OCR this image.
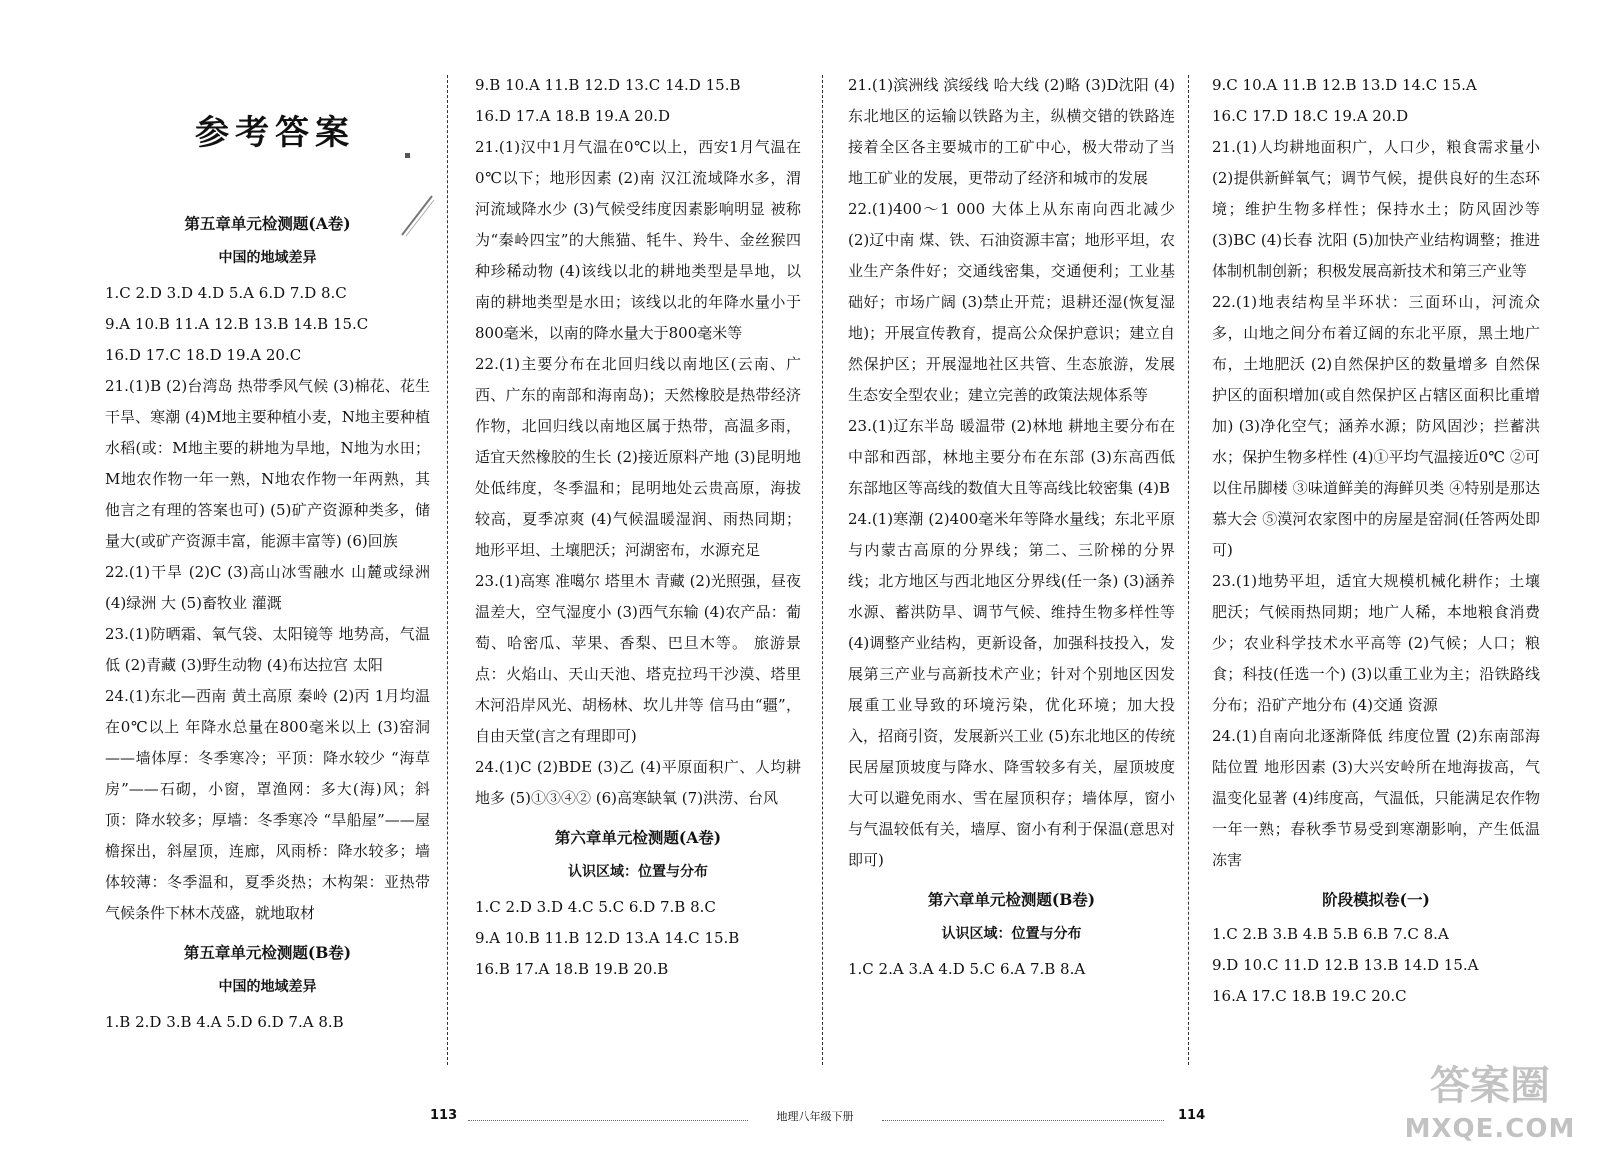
参考答案
第五章单元检测题(A卷)
中国的地域差异
1.C 2.D 3.D 4.D 5.A 6.D 7.D 8.C
9.A 10.B 11.A 12.B 13.B 14.B 15.C
16.D 17.C 18.D 19.A 20.C

21.(1)B (2)台湾岛 热带季风气候 (3)棉花、花生 干旱、寒潮 (4)M地主要种植小麦，N地主要种植水稻(或：M地主要的耕地为旱地，N地为水田；M地农作物一年一熟，N地农作物一年两熟，其他言之有理的答案也可) (5)矿产资源种类多，储量大(或矿产资源丰富，能源丰富等) (6)回族

22.(1)干旱 (2)C (3)高山冰雪融水 山麓或绿洲 (4)绿洲 大 (5)畜牧业 灌溉

23.(1)防晒霜、氧气袋、太阳镜等 地势高，气温低 (2)青藏 (3)野生动物 (4)布达拉宫 太阳

24.(1)东北—西南 黄土高原 秦岭 (2)丙 1月均温在0℃以上 年降水总量在800毫米以上 (3)窑洞——墙体厚：冬季寒冷；平顶：降水较少 “海草房”——石砌，小窗，罩渔网：多大(海)风；斜顶：降水较多；厚墙：冬季寒冷 “旱船屋”——屋檐探出，斜屋顶，连廊，风雨桥：降水较多；墙体较薄：冬季温和，夏季炎热；木构架：亚热带气候条件下林木茂盛，就地取材

第五章单元检测题(B卷)
中国的地域差异
1.B 2.D 3.B 4.A 5.D 6.D 7.A 8.B
9.B 10.A 11.B 12.D 13.C 14.D 15.B
16.D 17.A 18.B 19.A 20.D

21.(1)汉中1月气温在0℃以上，西安1月气温在0℃以下；地形因素 (2)南 汉江流域降水多，渭河流域降水少 (3)气候受纬度因素影响明显 被称为“秦岭四宝”的大熊猫、牦牛、羚牛、金丝猴四种珍稀动物 (4)该线以北的耕地类型是旱地，以南的耕地类型是水田；该线以北的年降水量小于800毫米，以南的降水量大于800毫米等

22.(1)主要分布在北回归线以南地区(云南、广西、广东的南部和海南岛)；天然橡胶是热带经济作物，北回归线以南地区属于热带，高温多雨，适宜天然橡胶的生长 (2)接近原料产地 (3)昆明地处低纬度，冬季温和；昆明地处云贵高原，海拔较高，夏季凉爽 (4)气候温暖湿润、雨热同期；地形平坦、土壤肥沃；河湖密布，水源充足

23.(1)高寒 准噶尔 塔里木 青藏 (2)光照强，昼夜温差大，空气湿度小 (3)西气东输 (4)农产品：葡萄、哈密瓜、苹果、香梨、巴旦木等。 旅游景点：火焰山、天山天池、塔克拉玛干沙漠、塔里木河沿岸风光、胡杨林、坎儿井等 信马由“疆”，自由天堂(言之有理即可)

24.(1)C (2)BDE (3)乙 (4)平原面积广、人均耕地多 (5)①③④② (6)高寒缺氧 (7)洪涝、台风

第六章单元检测题(A卷)
认识区域：位置与分布
1.C 2.D 3.D 4.C 5.C 6.D 7.B 8.C
9.A 10.B 11.B 12.D 13.A 14.C 15.B
16.B 17.A 18.B 19.B 20.B

21.(1)滨洲线 滨绥线 哈大线 (2)略 (3)D沈阳 (4)东北地区的运输以铁路为主，纵横交错的铁路连接着全区各主要城市的工矿中心，极大带动了当地工矿业的发展，更带动了经济和城市的发展

22.(1)400～1 000 大体上从东南向西北减少 (2)辽中南 煤、铁、石油资源丰富；地形平坦，农业生产条件好；交通线密集，交通便利；工业基础好；市场广阔 (3)禁止开荒；退耕还湿(恢复湿地)；开展宣传教育，提高公众保护意识；建立自然保护区；开展湿地社区共管、生态旅游，发展生态安全型农业；建立完善的政策法规体系等

23.(1)辽东半岛 暖温带 (2)林地 耕地主要分布在中部和西部，林地主要分布在东部 (3)东高西低 东部地区等高线的数值大且等高线比较密集 (4)B

24.(1)寒潮 (2)400毫米年等降水量线；东北平原与内蒙古高原的分界线；第二、三阶梯的分界线；北方地区与西北地区分界线(任一条) (3)涵养水源、蓄洪防旱、调节气候、维持生物多样性等 (4)调整产业结构，更新设备，加强科技投入，发展第三产业与高新技术产业；针对个别地区因发展重工业导致的环境污染，优化环境；加大投入，招商引资，发展新兴工业 (5)东北地区的传统民居屋顶坡度与降水、降雪较多有关，屋顶坡度大可以避免雨水、雪在屋顶积存；墙体厚，窗小与气温较低有关，墙厚、窗小有利于保温(意思对即可)

第六章单元检测题(B卷)
认识区域：位置与分布
1.C 2.A 3.A 4.D 5.C 6.A 7.B 8.A
9.C 10.A 11.B 12.B 13.D 14.C 15.A
16.C 17.D 18.C 19.A 20.D

21.(1)人均耕地面积广，人口少，粮食需求量小 (2)提供新鲜氧气；调节气候，提供良好的生态环境；维护生物多样性；保持水土；防风固沙等 (3)BC (4)长春 沈阳 (5)加快产业结构调整；推进体制机制创新；积极发展高新技术和第三产业等

22.(1)地表结构呈半环状：三面环山，河流众多，山地之间分布着辽阔的东北平原，黑土地广布，土地肥沃 (2)自然保护区的数量增多 自然保护区的面积增加(或自然保护区占辖区面积比重增加) (3)净化空气；涵养水源；防风固沙；拦蓄洪水；保护生物多样性 (4)①平均气温接近0℃ ②可以住吊脚楼 ③味道鲜美的海鲜贝类 ④特别是那达慕大会 ⑤漠河农家图中的房屋是窑洞(任答两处即可)

23.(1)地势平坦，适宜大规模机械化耕作；土壤肥沃；气候雨热同期；地广人稀，本地粮食消费少；农业科学技术水平高等 (2)气候；人口；粮食；科技(任选一个) (3)以重工业为主；沿铁路线分布；沿矿产地分布 (4)交通 资源

24.(1)自南向北逐渐降低 纬度位置 (2)东南部海陆位置 地形因素 (3)大兴安岭所在地海拔高，气温变化显著 (4)纬度高，气温低，只能满足农作物一年一熟；春秋季节易受到寒潮影响，产生低温冻害

阶段模拟卷(一)
1.C 2.B 3.B 4.B 5.B 6.B 7.C 8.A
9.D 10.C 11.D 12.B 13.B 14.D 15.A
16.A 17.C 18.B 19.C 20.C
113	地理八年级下册	114
答案圈
MXQE.COM
